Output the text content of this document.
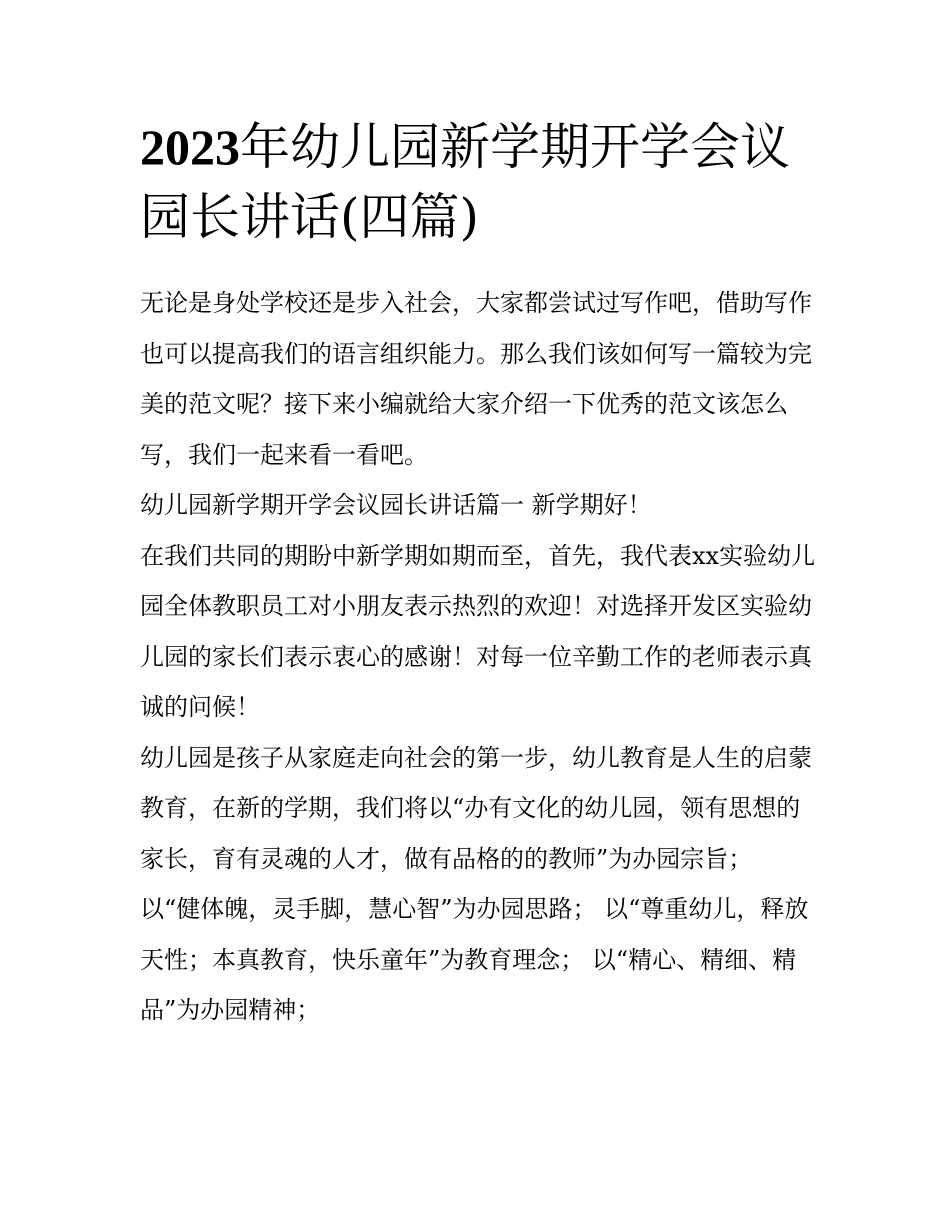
2023年幼儿园新学期开学会议园长讲话(四篇)

无论是身处学校还是步入社会，大家都尝试过写作吧，借助写作也可以提高我们的语言组织能力。那么我们该如何写一篇较为完美的范文呢？接下来小编就给大家介绍一下优秀的范文该怎么写，我们一起来看一看吧。

幼儿园新学期开学会议园长讲话篇一 新学期好！

在我们共同的期盼中新学期如期而至，首先，我代表xx实验幼儿园全体教职员工对小朋友表示热烈的欢迎！对选择开发区实验幼儿园的家长们表示衷心的感谢！对每一位辛勤工作的老师表示真诚的问候！

幼儿园是孩子从家庭走向社会的第一步，幼儿教育是人生的启蒙教育，在新的学期，我们将以“办有文化的幼儿园，领有思想的家长，育有灵魂的人才，做有品格的的教师”为办园宗旨；

以“健体魄，灵手脚，慧心智”为办园思路； 以“尊重幼儿，释放天性；本真教育，快乐童年”为教育理念； 以“精心、精细、精品”为办园精神；
